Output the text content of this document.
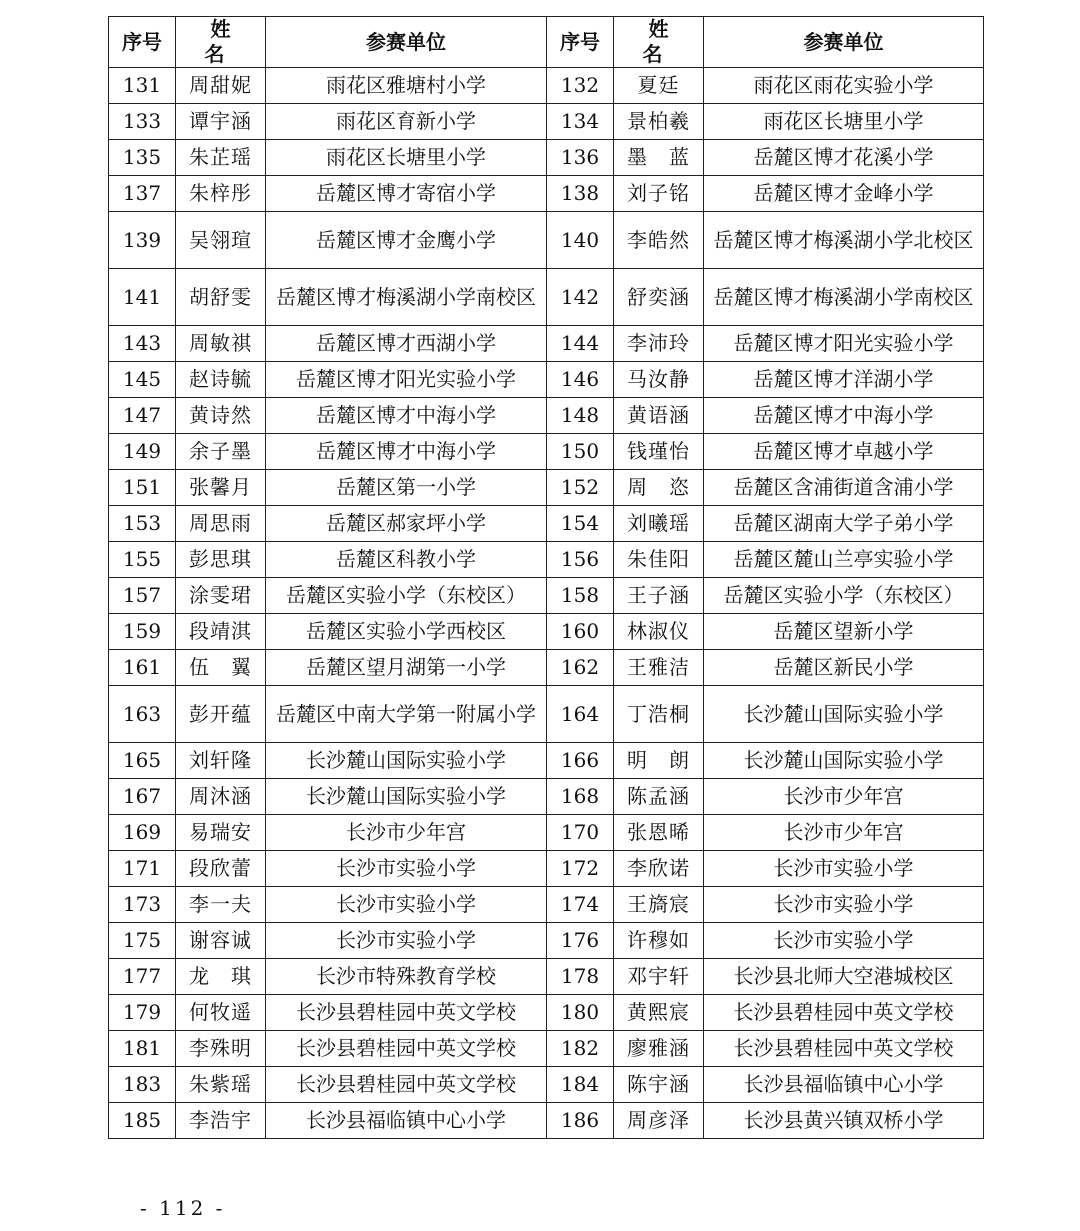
序号	姓 名	参赛单位	序号	姓 名	参赛单位
131	周甜妮	雨花区雅塘村小学	132	夏廷	雨花区雨花实验小学
133	谭宇涵	雨花区育新小学	134	景柏羲	雨花区长塘里小学
135	朱芷瑶	雨花区长塘里小学	136	墨　蓝	岳麓区博才花溪小学
137	朱梓彤	岳麓区博才寄宿小学	138	刘子铭	岳麓区博才金峰小学
139	吴翎瑄	岳麓区博才金鹰小学	140	李皓然	岳麓区博才梅溪湖小学北校区
141	胡舒雯	岳麓区博才梅溪湖小学南校区	142	舒奕涵	岳麓区博才梅溪湖小学南校区
143	周敏祺	岳麓区博才西湖小学	144	李沛玲	岳麓区博才阳光实验小学
145	赵诗毓	岳麓区博才阳光实验小学	146	马汝静	岳麓区博才洋湖小学
147	黄诗然	岳麓区博才中海小学	148	黄语涵	岳麓区博才中海小学
149	余子墨	岳麓区博才中海小学	150	钱瑾怡	岳麓区博才卓越小学
151	张馨月	岳麓区第一小学	152	周　恣	岳麓区含浦街道含浦小学
153	周思雨	岳麓区郝家坪小学	154	刘曦瑶	岳麓区湖南大学子弟小学
155	彭思琪	岳麓区科教小学	156	朱佳阳	岳麓区麓山兰亭实验小学
157	涂雯珺	岳麓区实验小学（东校区）	158	王子涵	岳麓区实验小学（东校区）
159	段靖淇	岳麓区实验小学西校区	160	林淑仪	岳麓区望新小学
161	伍　翼	岳麓区望月湖第一小学	162	王雅洁	岳麓区新民小学
163	彭开蕴	岳麓区中南大学第一附属小学	164	丁浩桐	长沙麓山国际实验小学
165	刘轩隆	长沙麓山国际实验小学	166	明　朗	长沙麓山国际实验小学
167	周沐涵	长沙麓山国际实验小学	168	陈孟涵	长沙市少年宫
169	易瑞安	长沙市少年宫	170	张恩晞	长沙市少年宫
171	段欣蕾	长沙市实验小学	172	李欣诺	长沙市实验小学
173	李一夫	长沙市实验小学	174	王旖宸	长沙市实验小学
175	谢容诚	长沙市实验小学	176	许穆如	长沙市实验小学
177	龙　琪	长沙市特殊教育学校	178	邓宇轩	长沙县北师大空港城校区
179	何牧遥	长沙县碧桂园中英文学校	180	黄熙宸	长沙县碧桂园中英文学校
181	李殊明	长沙县碧桂园中英文学校	182	廖雅涵	长沙县碧桂园中英文学校
183	朱紫瑶	长沙县碧桂园中英文学校	184	陈宇涵	长沙县福临镇中心小学
185	李浩宇	长沙县福临镇中心小学	186	周彦泽	长沙县黄兴镇双桥小学
- 112 -
